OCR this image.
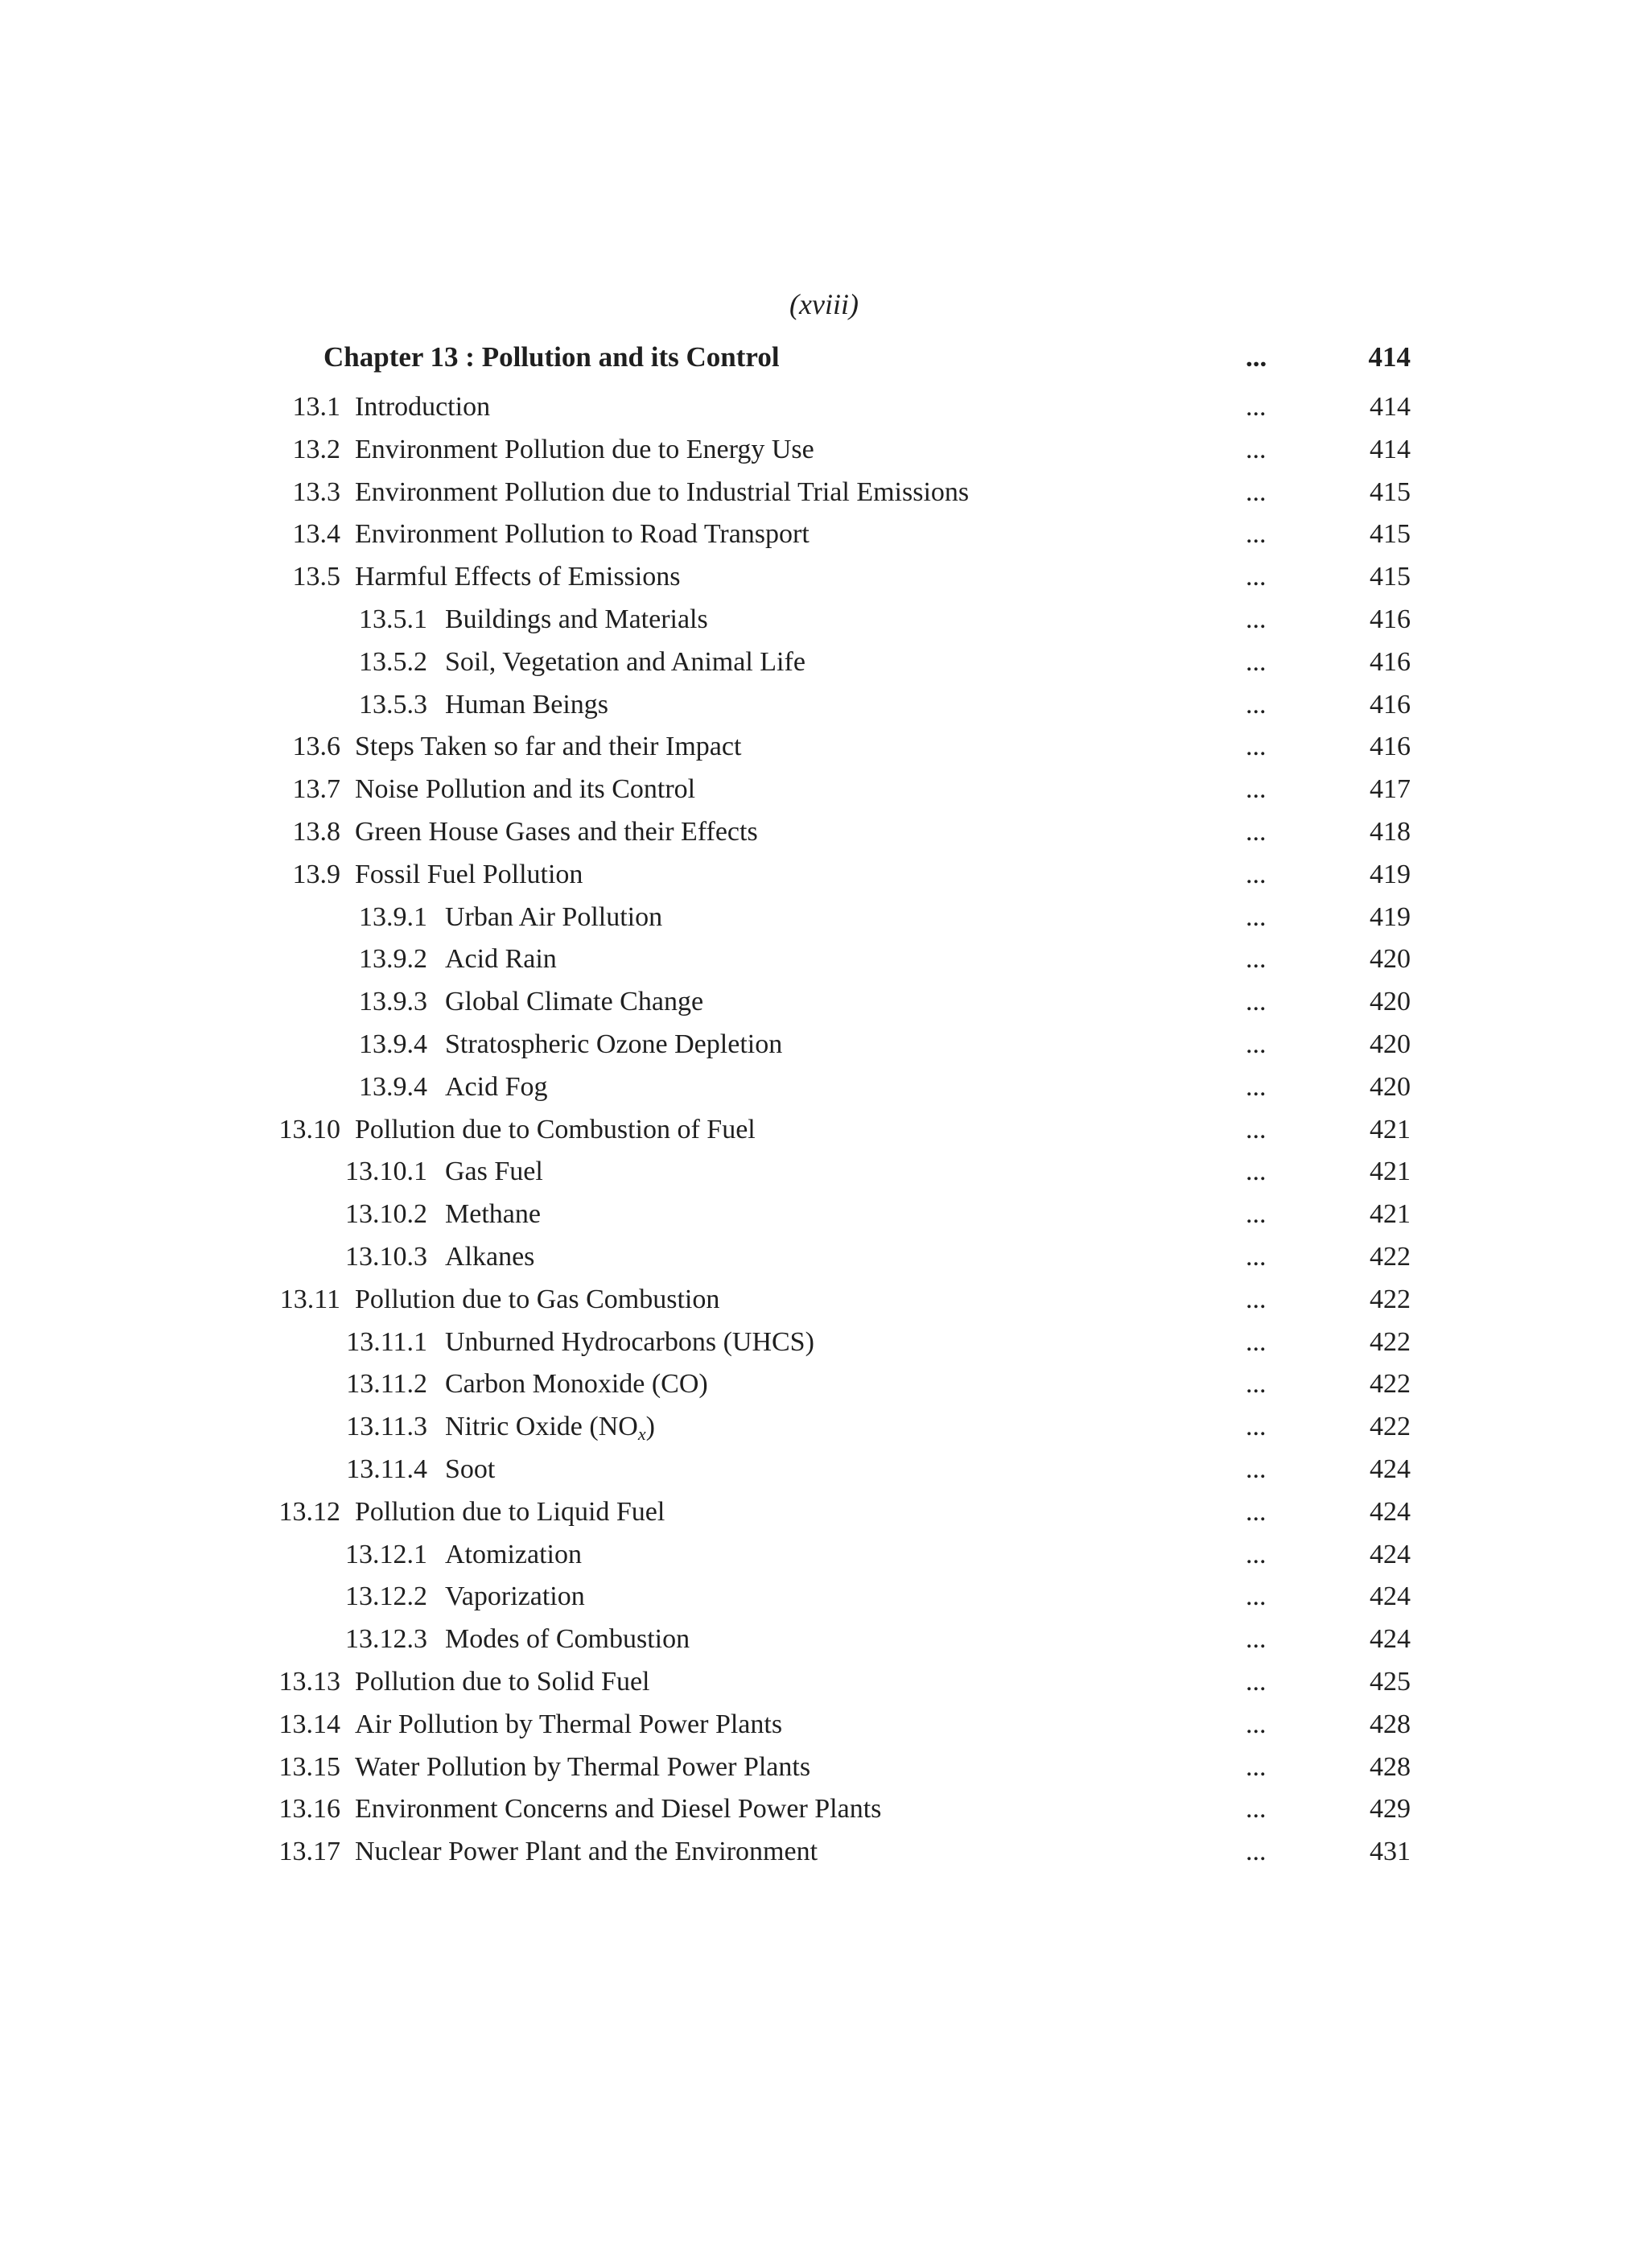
(xviii)
Chapter 13 : Pollution and its Control	...	414
13.1 Introduction	...	414
13.2 Environment Pollution due to Energy Use	...	414
13.3 Environment Pollution due to Industrial Trial Emissions	...	415
13.4 Environment Pollution to Road Transport	...	415
13.5 Harmful Effects of Emissions	...	415
13.5.1 Buildings and Materials	...	416
13.5.2 Soil, Vegetation and Animal Life	...	416
13.5.3 Human Beings	...	416
13.6 Steps Taken so far and their Impact	...	416
13.7 Noise Pollution and its Control	...	417
13.8 Green House Gases and their Effects	...	418
13.9 Fossil Fuel Pollution	...	419
13.9.1 Urban Air Pollution	...	419
13.9.2 Acid Rain	...	420
13.9.3 Global Climate Change	...	420
13.9.4 Stratospheric Ozone Depletion	...	420
13.9.4 Acid Fog	...	420
13.10 Pollution due to Combustion of Fuel	...	421
13.10.1 Gas Fuel	...	421
13.10.2 Methane	...	421
13.10.3 Alkanes	...	422
13.11 Pollution due to Gas Combustion	...	422
13.11.1 Unburned Hydrocarbons (UHCS)	...	422
13.11.2 Carbon Monoxide (CO)	...	422
13.11.3 Nitric Oxide $(NO_x)$	...	422
13.11.4 Soot	...	424
13.12 Pollution due to Liquid Fuel	...	424
13.12.1 Atomization	...	424
13.12.2 Vaporization	...	424
13.12.3 Modes of Combustion	...	424
13.13 Pollution due to Solid Fuel	...	425
13.14 Air Pollution by Thermal Power Plants	...	428
13.15 Water Pollution by Thermal Power Plants	...	428
13.16 Environment Concerns and Diesel Power Plants	...	429
13.17 Nuclear Power Plant and the Environment	...	431
